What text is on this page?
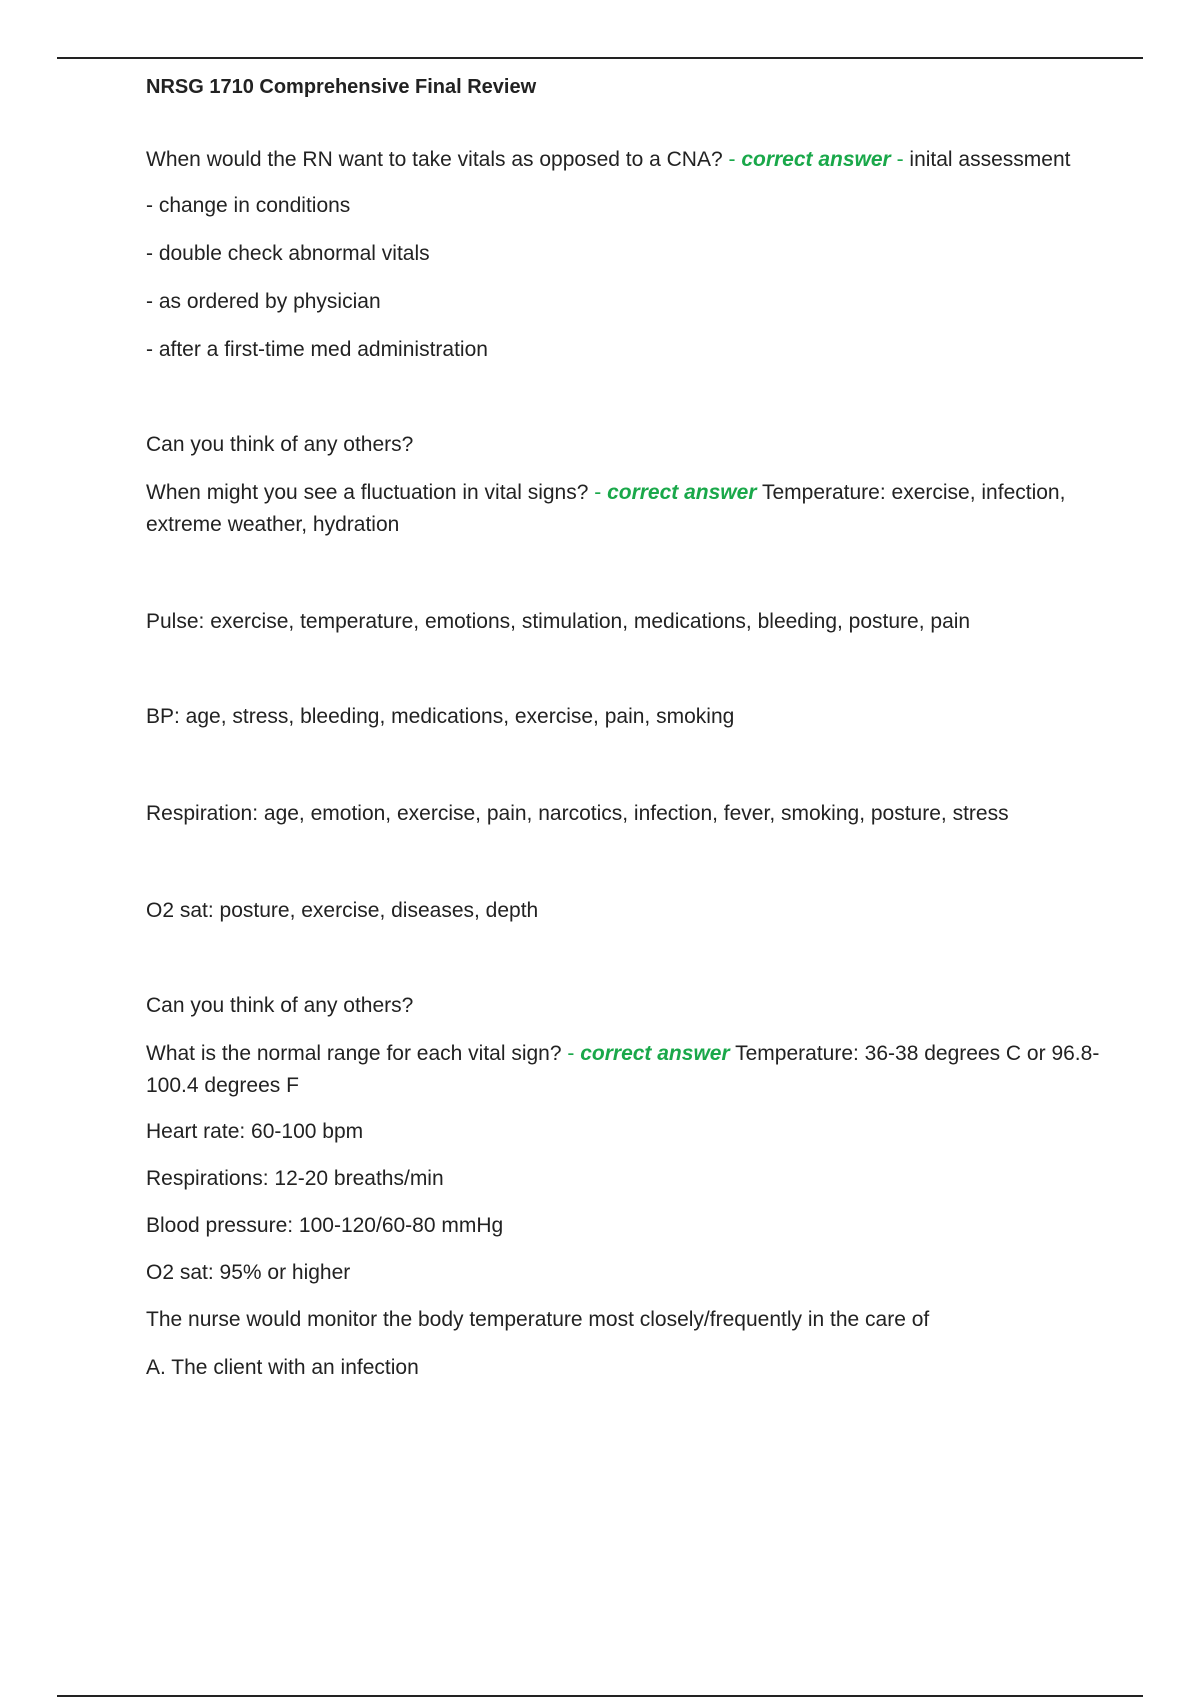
NRSG 1710 Comprehensive Final Review

When would the RN want to take vitals as opposed to a CNA? - correct answer - inital assessment

- change in conditions

- double check abnormal vitals

- as ordered by physician

- after a first-time med administration

Can you think of any others?

When might you see a fluctuation in vital signs? - correct answer Temperature: exercise, infection, extreme weather, hydration

Pulse: exercise, temperature, emotions, stimulation, medications, bleeding, posture, pain

BP: age, stress, bleeding, medications, exercise, pain, smoking

Respiration: age, emotion, exercise, pain, narcotics, infection, fever, smoking, posture, stress

O2 sat: posture, exercise, diseases, depth

Can you think of any others?

What is the normal range for each vital sign? - correct answer Temperature: 36-38 degrees C or 96.8-100.4 degrees F

Heart rate: 60-100 bpm

Respirations: 12-20 breaths/min

Blood pressure: 100-120/60-80 mmHg

O2 sat: 95% or higher

The nurse would monitor the body temperature most closely/frequently in the care of

A. The client with an infection
